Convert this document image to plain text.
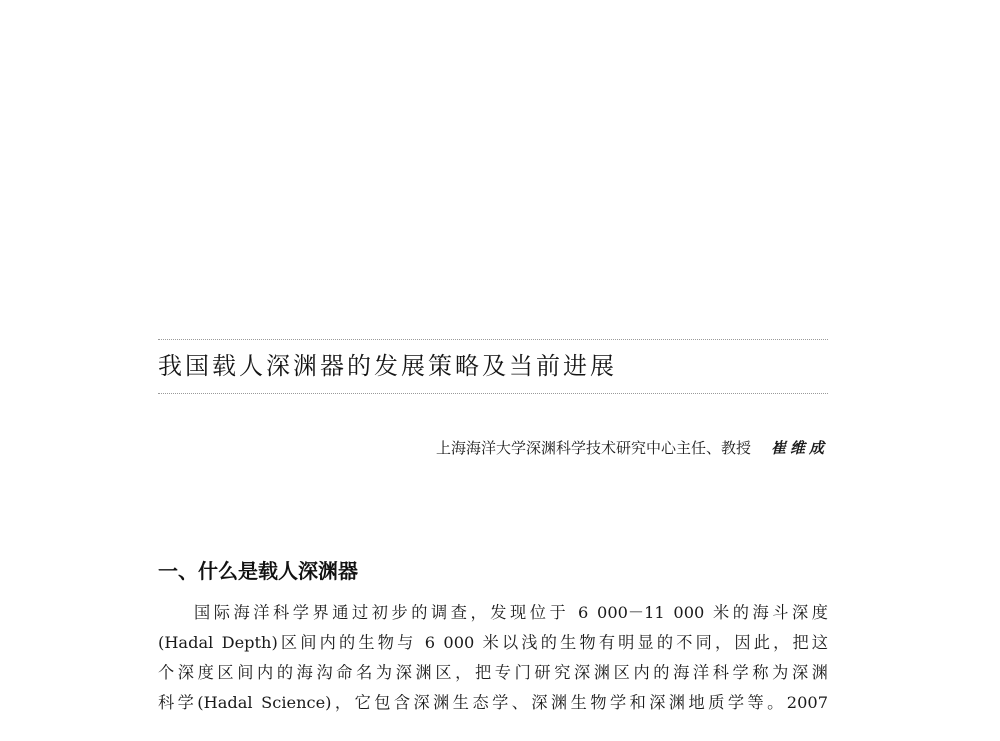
我国载人深渊器的发展策略及当前进展
上海海洋大学深渊科学技术研究中心主任、教授 崔维成
一、什么是载人深渊器
国际海洋科学界通过初步的调查，发现位于 6 000－11 000 米的海斗深度
(Hadal Depth)区间内的生物与 6 000 米以浅的生物有明显的不同，因此，把这
个深度区间内的海沟命名为深渊区，把专门研究深渊区内的海洋科学称为深渊
科学(Hadal Science)，它包含深渊生态学、深渊生物学和深渊地质学等。2007
